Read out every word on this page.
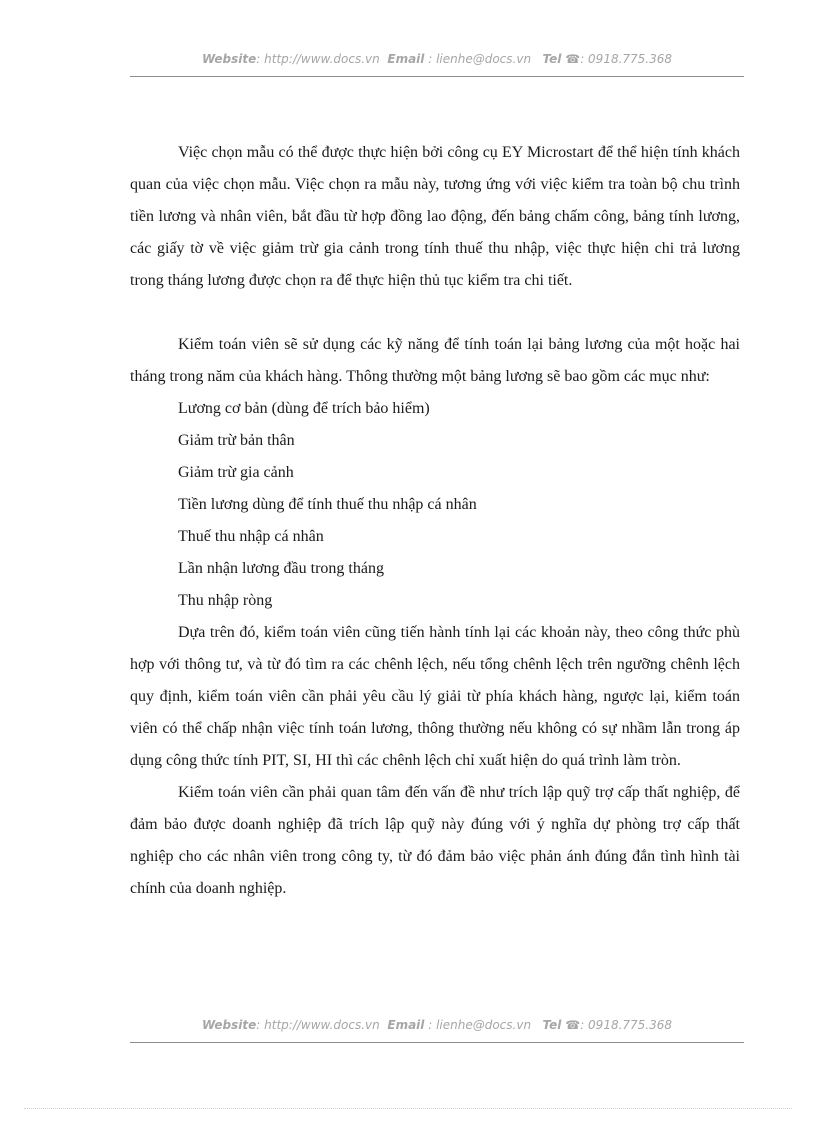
Website: http://www.docs.vn Email : lienhe@docs.vn Tel ☎: 0918.775.368

Việc chọn mẫu có thể được thực hiện bởi công cụ EY Microstart để thể hiện tính khách quan của việc chọn mẫu. Việc chọn ra mẫu này, tương ứng với việc kiểm tra toàn bộ chu trình tiền lương và nhân viên, bắt đầu từ hợp đồng lao động, đến bảng chấm công, bảng tính lương, các giấy tờ về việc giảm trừ gia cảnh trong tính thuế thu nhập, việc thực hiện chi trả lương trong tháng lương được chọn ra để thực hiện thủ tục kiểm tra chi tiết.

Kiểm toán viên sẽ sử dụng các kỹ năng để tính toán lại bảng lương của một hoặc hai tháng trong năm của khách hàng. Thông thường một bảng lương sẽ bao gồm các mục như:

Lương cơ bản (dùng để trích bảo hiểm)
Giảm trừ bản thân
Giảm trừ gia cảnh
Tiền lương dùng để tính thuế thu nhập cá nhân
Thuế thu nhập cá nhân
Lần nhận lương đầu trong tháng
Thu nhập ròng

Dựa trên đó, kiểm toán viên cũng tiến hành tính lại các khoản này, theo công thức phù hợp với thông tư, và từ đó tìm ra các chênh lệch, nếu tổng chênh lệch trên ngưỡng chênh lệch quy định, kiểm toán viên cần phải yêu cầu lý giải từ phía khách hàng, ngược lại, kiểm toán viên có thể chấp nhận việc tính toán lương, thông thường nếu không có sự nhầm lẫn trong áp dụng công thức tính PIT, SI, HI thì các chênh lệch chỉ xuất hiện do quá trình làm tròn.

Kiểm toán viên cần phải quan tâm đến vấn đề như trích lập quỹ trợ cấp thất nghiệp, để đảm bảo được doanh nghiệp đã trích lập quỹ này đúng với ý nghĩa dự phòng trợ cấp thất nghiệp cho các nhân viên trong công ty, từ đó đảm bảo việc phản ánh đúng đắn tình hình tài chính của doanh nghiệp.

Website: http://www.docs.vn Email : lienhe@docs.vn Tel ☎: 0918.775.368
